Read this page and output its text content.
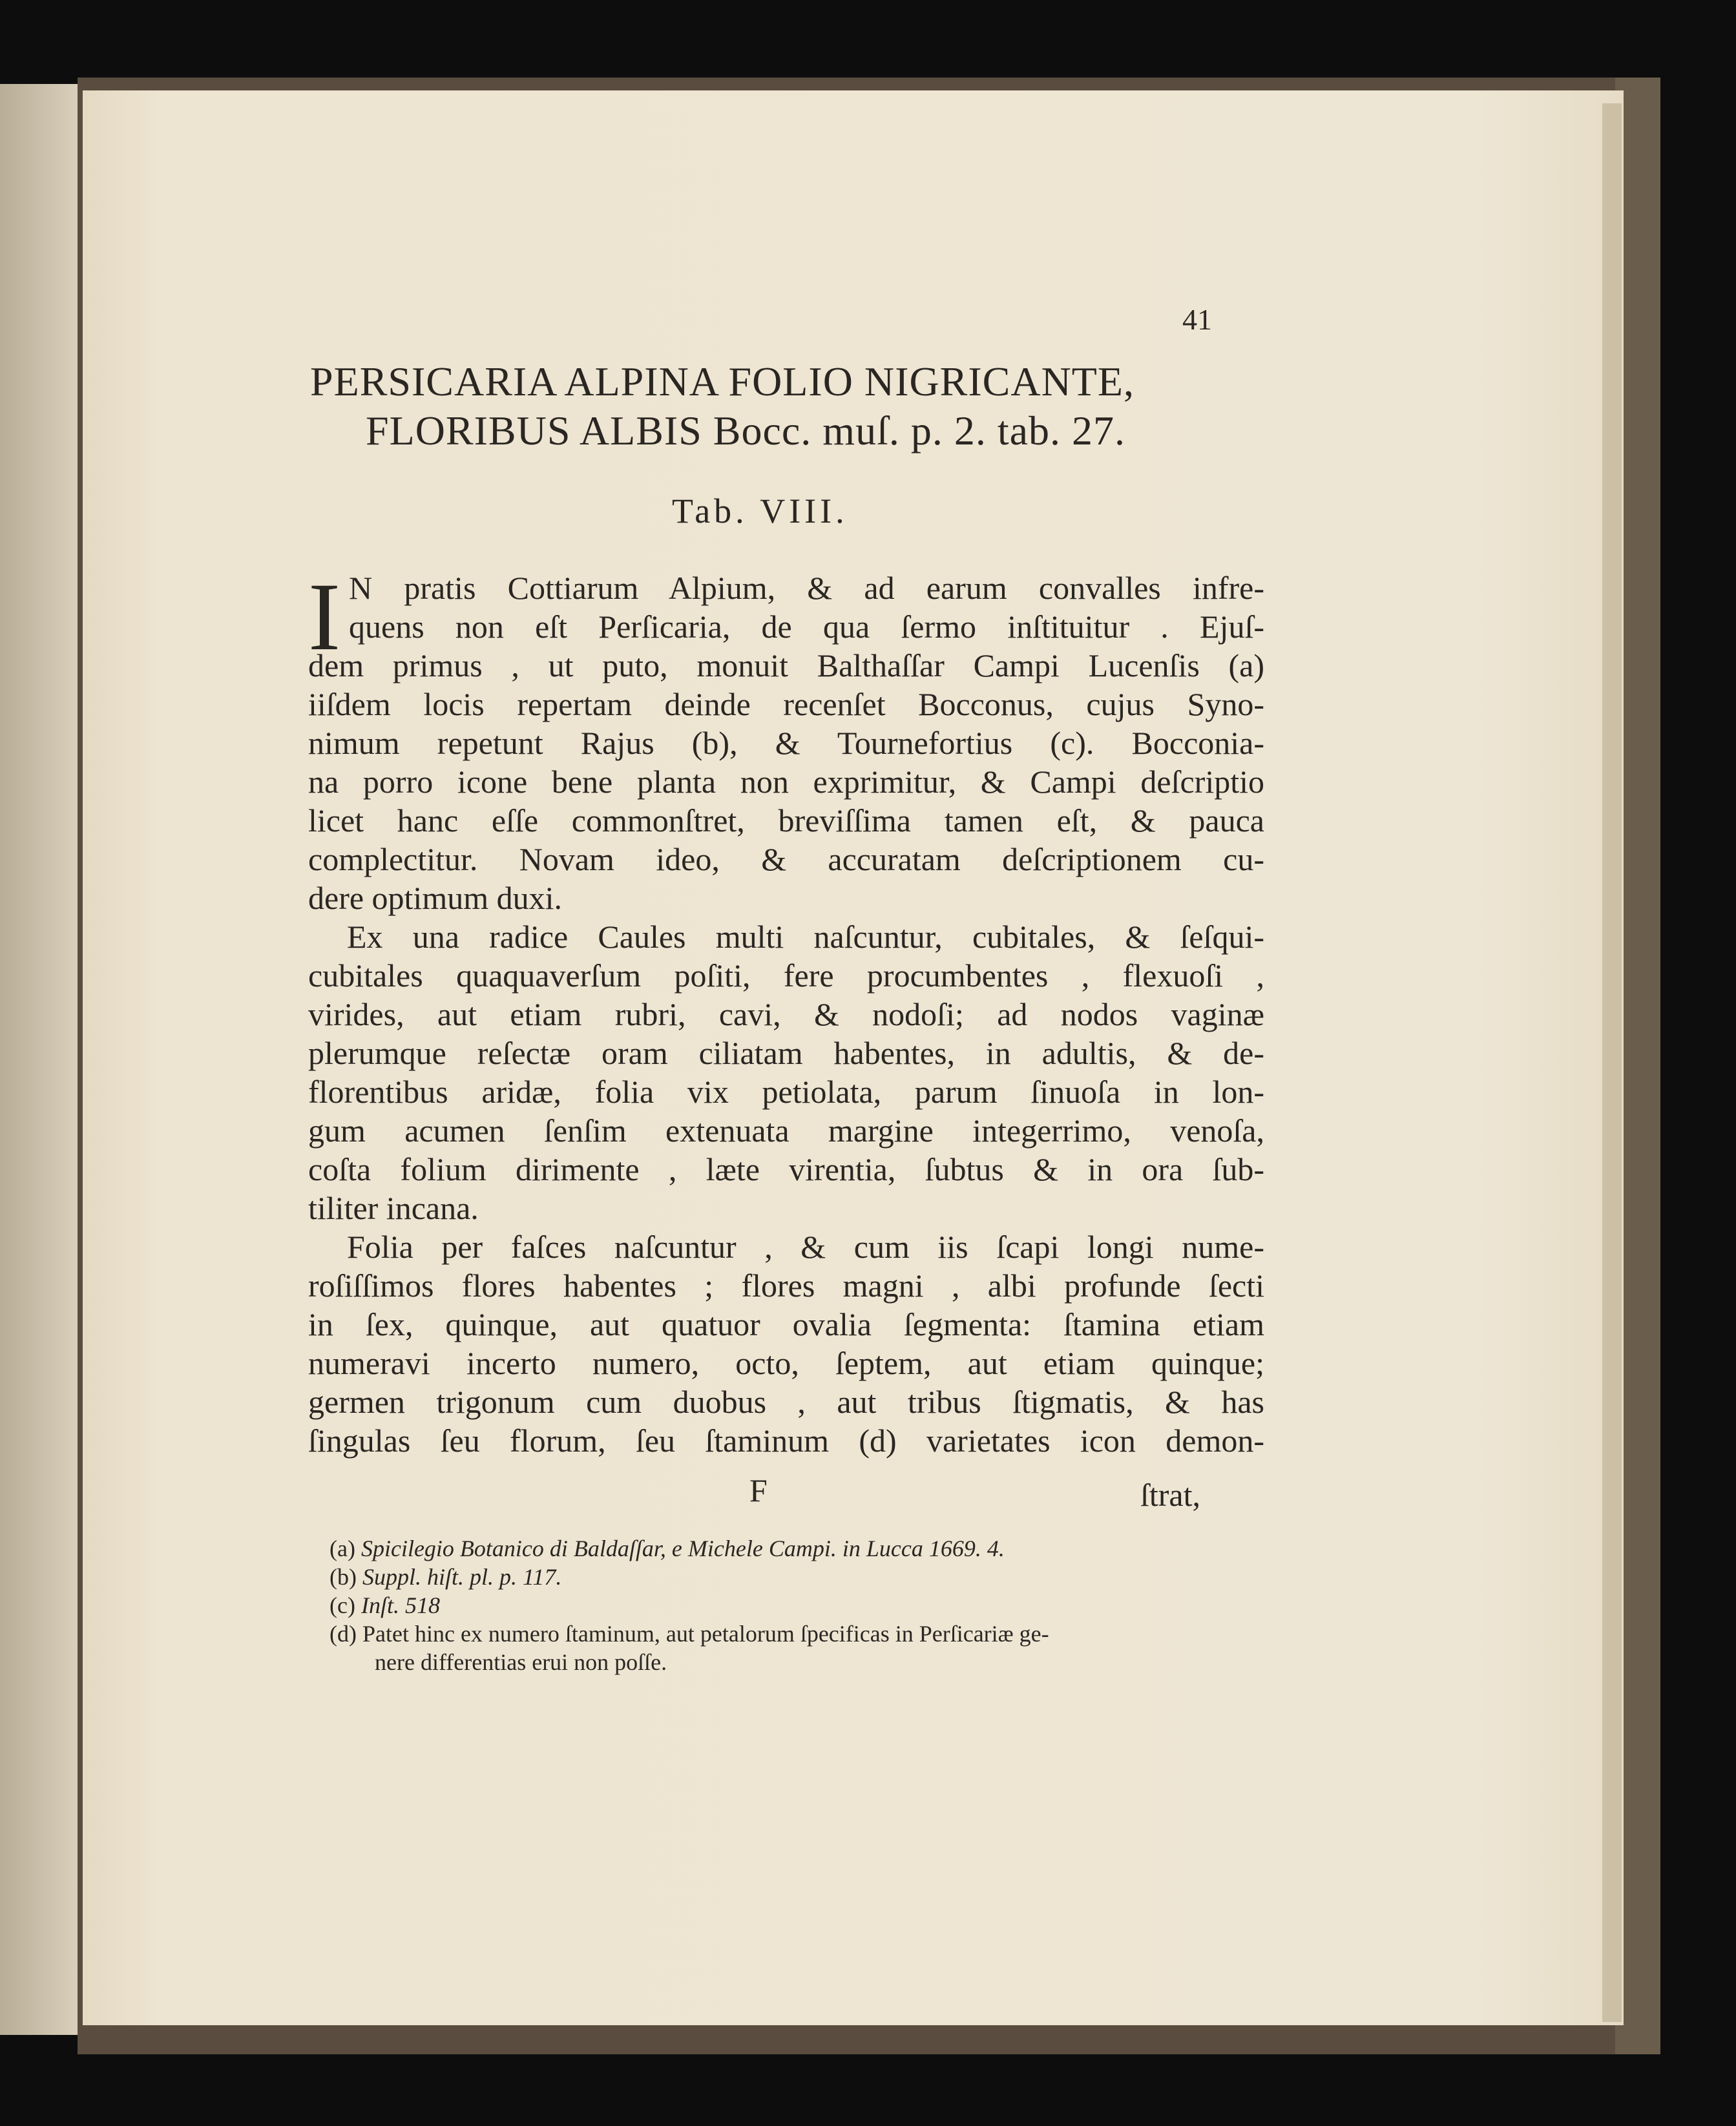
41
PERSICARIA ALPINA FOLIO NIGRICANTE,
FLORIBUS ALBIS Bocc. muſ. p. 2. tab. 27.
Tab. VIII.
I N pratis Cottiarum Alpium, & ad earum convalles infre-
quens non eſt Perſicaria, de qua ſermo inſtituitur . Ejuſ-
dem primus , ut puto, monuit Balthaſſar Campi Lucenſis (a)
iiſdem locis repertam deinde recenſet Bocconus, cujus Syno-
nimum repetunt Rajus (b), & Tournefortius (c). Bocconia-
na porro icone bene planta non exprimitur, & Campi deſcriptio
licet hanc eſſe commonſtret, breviſſima tamen eſt, & pauca
complectitur. Novam ideo, & accuratam deſcriptionem cu-
dere optimum duxi.
Ex una radice Caules multi naſcuntur, cubitales, & ſeſqui-
cubitales quaquaverſum poſiti, fere procumbentes , flexuoſi ,
virides, aut etiam rubri, cavi, & nodoſi; ad nodos vaginæ
plerumque reſectæ oram ciliatam habentes, in adultis, & de-
florentibus aridæ, folia vix petiolata, parum ſinuoſa in lon-
gum acumen ſenſim extenuata margine integerrimo, venoſa,
coſta folium dirimente , læte virentia, ſubtus & in ora ſub-
tiliter incana.
Folia per faſces naſcuntur , & cum iis ſcapi longi nume-
roſiſſimos flores habentes ; flores magni , albi profunde ſecti
in ſex, quinque, aut quatuor ovalia ſegmenta: ſtamina etiam
numeravi incerto numero, octo, ſeptem, aut etiam quinque;
germen trigonum cum duobus , aut tribus ſtigmatis, & has
ſingulas ſeu florum, ſeu ſtaminum (d) varietates icon demon-
F	ſtrat,
(a) Spicilegio Botanico di Baldaſſar, e Michele Campi. in Lucca 1669. 4.
(b) Suppl. hiſt. pl. p. 117.
(c) Inſt. 518
(d) Patet hinc ex numero ſtaminum, aut petalorum ſpecificas in Perſicariæ ge-
nere differentias erui non poſſe.
